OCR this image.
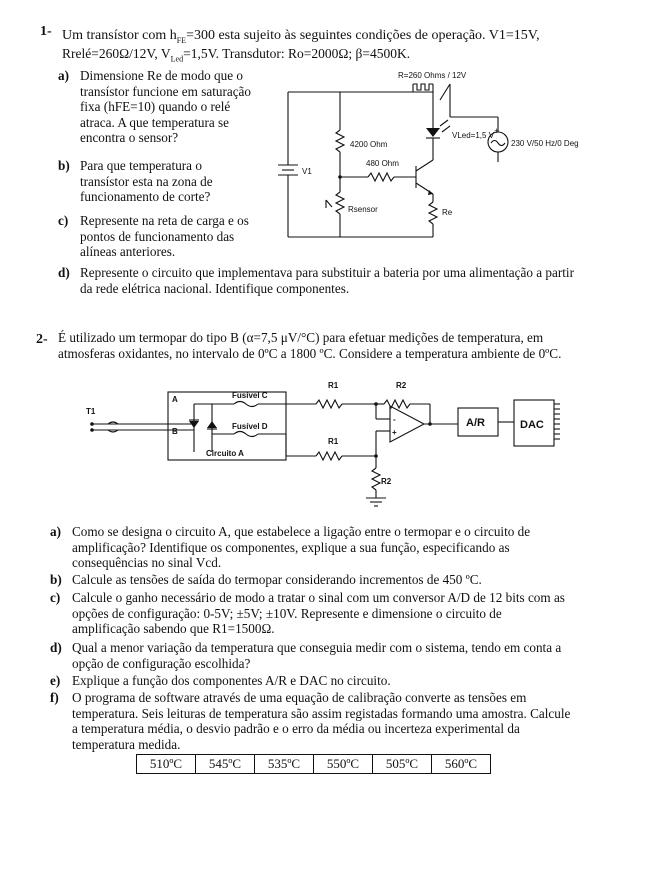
1- Um transístor com $h_{FE}=300$ esta sujeito às seguintes condições de operação. V1=15V,
Rrelé=260Ω/12V, $V_{Led}=1,5V$. Transdutor: Ro=2000Ω; β=4500K.
a) Dimensione Re de modo que o
transístor funcione em saturação
fixa (hFE=10) quando o relé
atraca. A que temperatura se
encontra o sensor?
b) Para que temperatura o
transístor esta na zona de
funcionamento de corte?
c) Represente na reta de carga e os
pontos de funcionamento das
alíneas anteriores.
d) Represente o circuito que implementava para substituir a bateria por uma alimentação a partir
da rede elétrica nacional. Identifique componentes.
R=260 Ohms / 12V
V1
4200 Ohm
480 Ohm
VLed=1,5 V +
230 V/50 Hz/0 Deg
Re
Rsensor
2- É utilizado um termopar do tipo B (α=7,5 μV/°C) para efetuar medições de temperatura, em
atmosferas oxidantes, no intervalo de 0ºC a 1800 ºC. Considere a temperatura ambiente de 0ºC.
T1
A
B
Circuito A
Fusível C
Fusível D
R1	R2
-
+
R1
R2
A/R	DAC
a) Como se designa o circuito A, que estabelece a ligação entre o termopar e o circuito de
amplificação? Identifique os componentes, explique a sua função, especificando as
consequências no sinal Vcd.
b) Calcule as tensões de saída do termopar considerando incrementos de 450 ºC.
c) Calcule o ganho necessário de modo a tratar o sinal com um conversor A/D de 12 bits com as
opções de configuração: 0-5V; ±5V; ±10V. Represente e dimensione o circuito de
amplificação sabendo que R1=1500Ω.
d) Qual a menor variação da temperatura que conseguia medir com o sistema, tendo em conta a
opção de configuração escolhida?
e) Explique a função dos componentes A/R e DAC no circuito.
f) O programa de software através de uma equação de calibração converte as tensões em
temperatura. Seis leituras de temperatura são assim registadas formando uma amostra. Calcule
a temperatura média, o desvio padrão e o erro da média ou incerteza experimental da
temperatura medida.
510ºC	545ºC	535ºC	550ºC	505ºC	560ºC
